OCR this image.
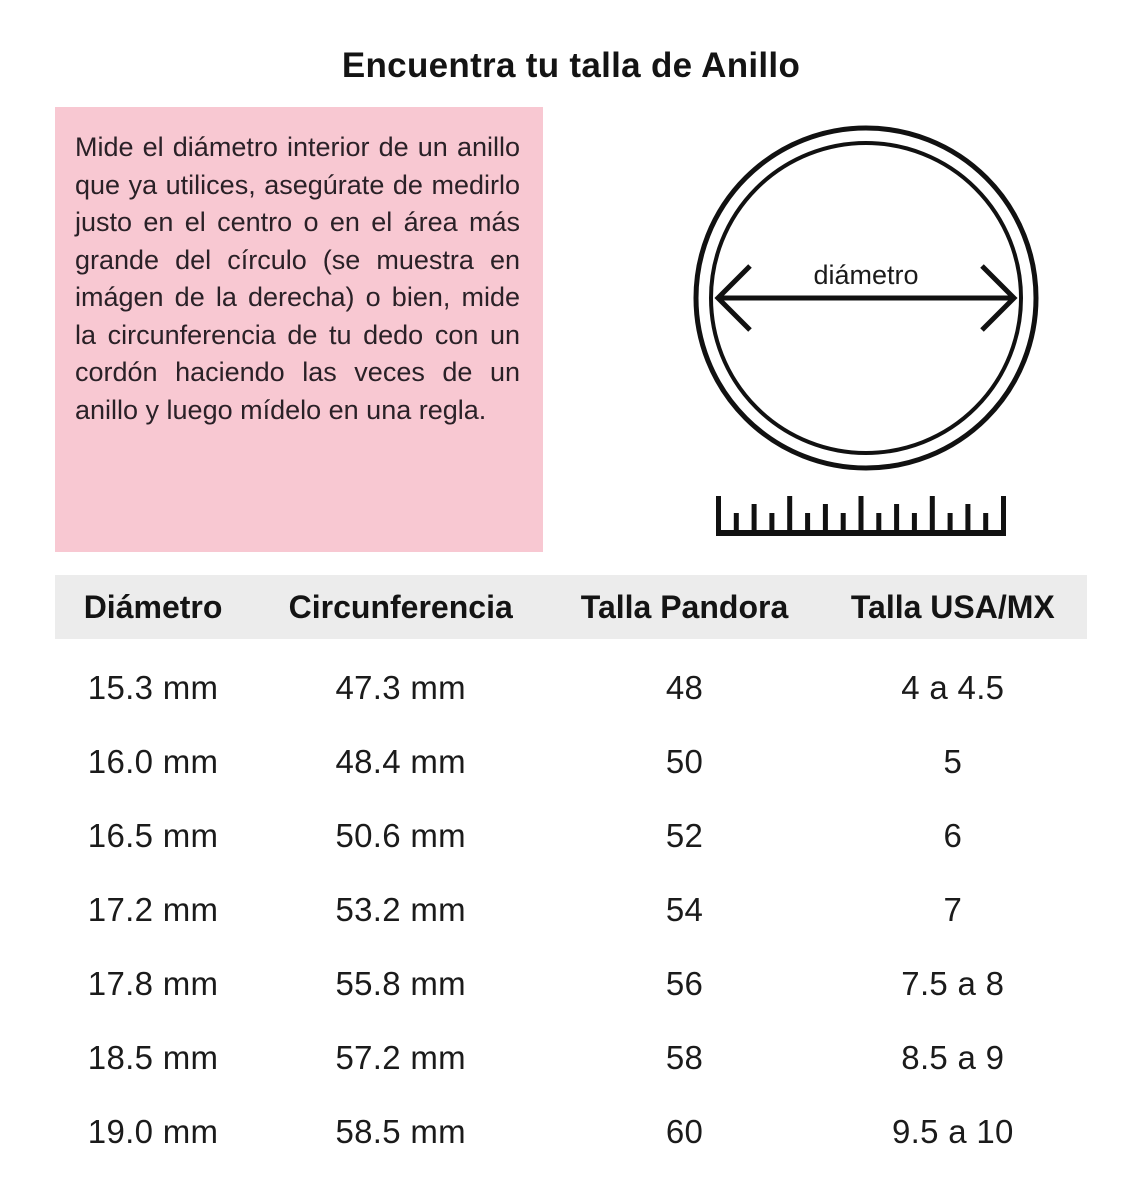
Encuentra tu talla de Anillo

Mide el diámetro interior de un anillo que ya utilices, asegúrate de medirlo justo en el centro o en el área más grande del círculo (se muestra en imágen de la derecha) o bien, mide la circunferencia de tu dedo con un cordón haciendo las veces de un anillo y luego mídelo en una regla.

diámetro
Diámetro	Circunferencia	Talla Pandora	Talla USA/MX
15.3 mm	47.3 mm	48	4 a 4.5
16.0 mm	48.4 mm	50	5
16.5 mm	50.6 mm	52	6
17.2 mm	53.2 mm	54	7
17.8 mm	55.8 mm	56	7.5 a 8
18.5 mm	57.2 mm	58	8.5 a 9
19.0 mm	58.5 mm	60	9.5 a 10
